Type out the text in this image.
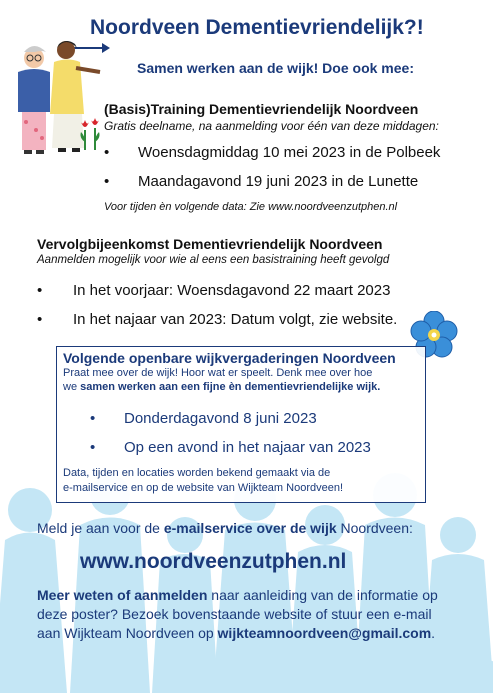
Noordveen Dementievriendelijk?!
Samen werken aan de wijk! Doe ook mee:
(Basis)Training Dementievriendelijk Noordveen
Gratis deelname, na aanmelding voor één van deze middagen:
•	Woensdagmiddag 10 mei 2023 in de Polbeek
•	Maandagavond 19 juni 2023 in de Lunette
Voor tijden èn volgende data: Zie www.noordveenzutphen.nl
Vervolgbijeenkomst Dementievriendelijk Noordveen
Aanmelden mogelijk voor wie al eens een basistraining heeft gevolgd
•	In het voorjaar: Woensdagavond 22 maart 2023
•	In het najaar van 2023: Datum volgt, zie website.
Volgende openbare wijkvergaderingen Noordveen
Praat mee over de wijk! Hoor wat er speelt. Denk mee over hoe
we samen werken aan een fijne èn dementievriendelijke wijk.
•	Donderdagavond 8 juni 2023
•	Op een avond in het najaar van 2023
Data, tijden en locaties worden bekend gemaakt via de
e-mailservice en op de website van Wijkteam Noordveen!
Meld je aan voor de e-mailservice over de wijk Noordveen:
www.noordveenzutphen.nl
Meer weten of aanmelden naar aanleiding van de informatie op
deze poster? Bezoek bovenstaande website of stuur een e-mail
aan Wijkteam Noordveen op wijkteamnoordveen@gmail.com.
